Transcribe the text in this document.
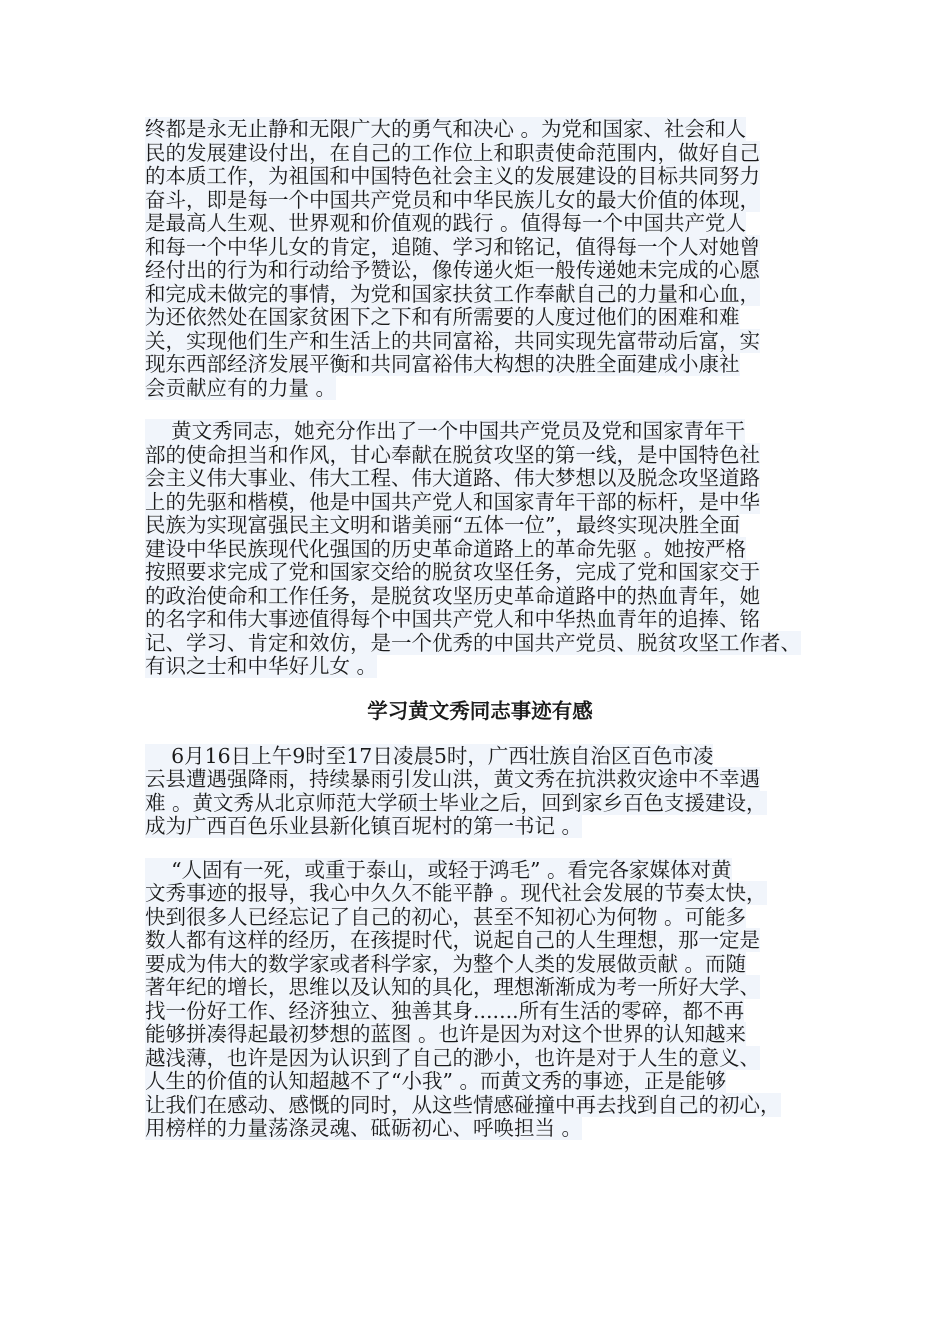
终都是永无止静和无限广大的勇气和决心 。为党和国家、社会和人
民的发展建设付出，在自己的工作位上和职责使命范围内，做好自己
的本质工作，为祖国和中国特色社会主义的发展建设的目标共同努力
奋斗，即是每一个中国共产党员和中华民族儿女的最大价值的体现，
是最高人生观、世界观和价值观的践行 。值得每一个中国共产党人
和每一个中华儿女的肯定，追随、学习和铭记，值得每一个人对她曾
经付出的行为和行动给予赞讼，像传递火炬一般传递她未完成的心愿
和完成未做完的事情，为党和国家扶贫工作奉献自己的力量和心血，
为还依然处在国家贫困下之下和有所需要的人度过他们的困难和难
关，实现他们生产和生活上的共同富裕，共同实现先富带动后富，实
现东西部经济发展平衡和共同富裕伟大构想的决胜全面建成小康社
会贡献应有的力量 。
黄文秀同志，她充分作出了一个中国共产党员及党和国家青年干
部的使命担当和作风，甘心奉献在脱贫攻坚的第一线，是中国特色社
会主义伟大事业、伟大工程、伟大道路、伟大梦想以及脱念攻坚道路
上的先驱和楷模，他是中国共产党人和国家青年干部的标杆，是中华
民族为实现富强民主文明和谐美丽“五体一位”，最终实现决胜全面
建设中华民族现代化强国的历史革命道路上的革命先驱 。她按严格
按照要求完成了党和国家交给的脱贫攻坚任务，完成了党和国家交于
的政治使命和工作任务，是脱贫攻坚历史革命道路中的热血青年，她
的名字和伟大事迹值得每个中国共产党人和中华热血青年的追捧、铭
记、学习、肯定和效仿，是一个优秀的中国共产党员、脱贫攻坚工作者、
有识之士和中华好儿女 。
学习黄文秀同志事迹有感
6月16日上午9时至17日凌晨5时，广西壮族自治区百色市凌
云县遭遇强降雨，持续暴雨引发山洪，黄文秀在抗洪救灾途中不幸遇
难 。黄文秀从北京师范大学硕士毕业之后，回到家乡百色支援建设，
成为广西百色乐业县新化镇百坭村的第一书记 。
“人固有一死，或重于泰山，或轻于鸿毛” 。看完各家媒体对黄
文秀事迹的报导，我心中久久不能平静 。现代社会发展的节奏太快，
快到很多人已经忘记了自己的初心，甚至不知初心为何物 。可能多
数人都有这样的经历，在孩提时代，说起自己的人生理想，那一定是
要成为伟大的数学家或者科学家，为整个人类的发展做贡献 。而随
著年纪的增长，思维以及认知的具化，理想渐渐成为考一所好大学、
找一份好工作、经济独立、独善其身.......所有生活的零碎，都不再
能够拼凑得起最初梦想的蓝图 。也许是因为对这个世界的认知越来
越浅薄，也许是因为认识到了自己的渺小，也许是对于人生的意义、
人生的价值的认知超越不了“小我” 。而黄文秀的事迹，正是能够
让我们在感动、感慨的同时，从这些情感碰撞中再去找到自己的初心，
用榜样的力量荡涤灵魂、砥砺初心、呼唤担当 。
